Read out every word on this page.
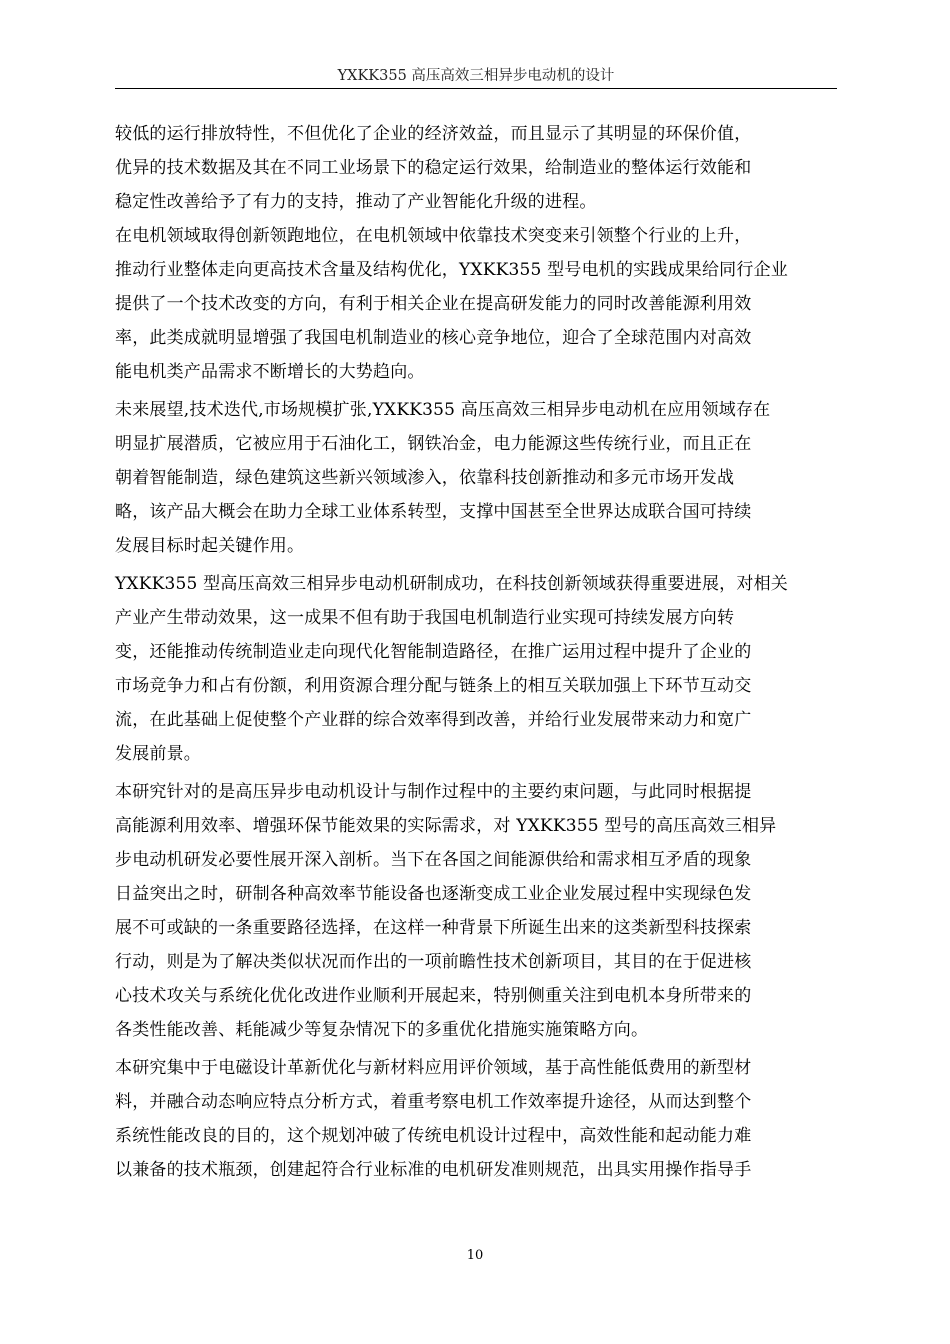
YXKK355 高压高效三相异步电动机的设计
较低的运行排放特性，不但优化了企业的经济效益，而且显示了其明显的环保价值，
优异的技术数据及其在不同工业场景下的稳定运行效果，给制造业的整体运行效能和
稳定性改善给予了有力的支持，推动了产业智能化升级的进程。
在电机领域取得创新领跑地位，在电机领域中依靠技术突变来引领整个行业的上升，
推动行业整体走向更高技术含量及结构优化，YXKK355 型号电机的实践成果给同行企业
提供了一个技术改变的方向，有利于相关企业在提高研发能力的同时改善能源利用效
率，此类成就明显增强了我国电机制造业的核心竞争地位，迎合了全球范围内对高效
能电机类产品需求不断增长的大势趋向。
未来展望,技术迭代,市场规模扩张,YXKK355 高压高效三相异步电动机在应用领域存在
明显扩展潜质，它被应用于石油化工，钢铁冶金，电力能源这些传统行业，而且正在
朝着智能制造，绿色建筑这些新兴领域渗入，依靠科技创新推动和多元市场开发战
略，该产品大概会在助力全球工业体系转型，支撑中国甚至全世界达成联合国可持续
发展目标时起关键作用。
YXKK355 型高压高效三相异步电动机研制成功，在科技创新领域获得重要进展，对相关
产业产生带动效果，这一成果不但有助于我国电机制造行业实现可持续发展方向转
变，还能推动传统制造业走向现代化智能制造路径，在推广运用过程中提升了企业的
市场竞争力和占有份额，利用资源合理分配与链条上的相互关联加强上下环节互动交
流，在此基础上促使整个产业群的综合效率得到改善，并给行业发展带来动力和宽广
发展前景。
本研究针对的是高压异步电动机设计与制作过程中的主要约束问题，与此同时根据提
高能源利用效率、增强环保节能效果的实际需求，对 YXKK355 型号的高压高效三相异
步电动机研发必要性展开深入剖析。当下在各国之间能源供给和需求相互矛盾的现象
日益突出之时，研制各种高效率节能设备也逐渐变成工业企业发展过程中实现绿色发
展不可或缺的一条重要路径选择，在这样一种背景下所诞生出来的这类新型科技探索
行动，则是为了解决类似状况而作出的一项前瞻性技术创新项目，其目的在于促进核
心技术攻关与系统化优化改进作业顺利开展起来，特别侧重关注到电机本身所带来的
各类性能改善、耗能减少等复杂情况下的多重优化措施实施策略方向。
本研究集中于电磁设计革新优化与新材料应用评价领域，基于高性能低费用的新型材
料，并融合动态响应特点分析方式，着重考察电机工作效率提升途径，从而达到整个
系统性能改良的目的，这个规划冲破了传统电机设计过程中，高效性能和起动能力难
以兼备的技术瓶颈，创建起符合行业标准的电机研发准则规范，出具实用操作指导手
10
